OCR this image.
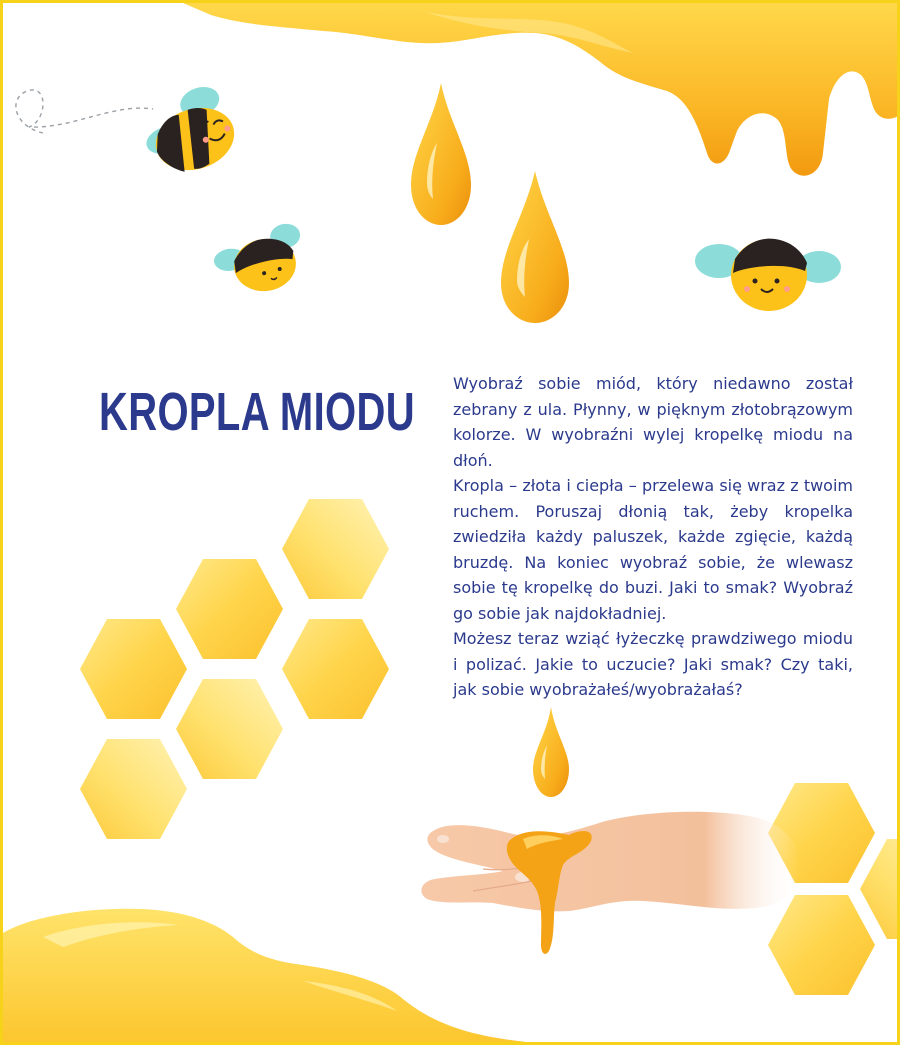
KROPLA MIODU Wyobraź sobie miód, który niedawno został zebrany z ula. Płynny, w pięknym złotobrązowym kolorze. W wyobraźni wylej kropelkę miodu na dłoń.

Kropla – złota i ciepła – przelewa się wraz z twoim ruchem. Poruszaj dłonią tak, żeby kropelka zwiedziła każdy paluszek, każde zgięcie, każdą bruzdę. Na koniec wyobraź sobie, że wlewasz sobie tę kropelkę do buzi. Jaki to smak? Wyobraź go sobie jak najdokładniej.

Możesz teraz wziąć łyżeczkę prawdziwego miodu i polizać. Jakie to uczucie? Jaki smak? Czy taki, jak sobie wyobrażałeś/wyobrażałaś?
